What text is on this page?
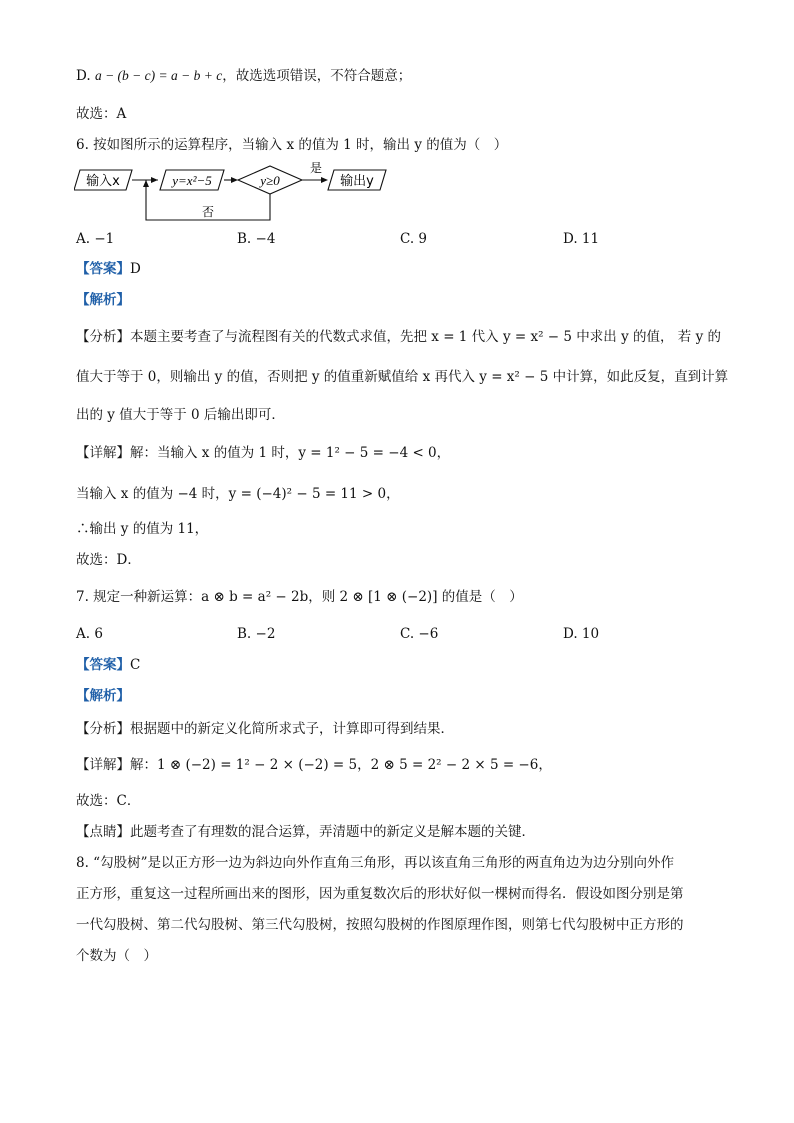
D. a − (b − c) = a − b + c，故选选项错误，不符合题意；
故选：A
6. 按如图所示的运算程序，当输入 x 的值为 1 时，输出 y 的值为（　）
输入x	y=x²−5	y≥0
是
输出y
否
A. −1	B. −4	C. 9	D. 11
【答案】D
【解析】
【分析】本题主要考查了与流程图有关的代数式求值，先把 x = 1 代入 y = x² − 5 中求出 y 的值， 若 y 的
值大于等于 0，则输出 y 的值，否则把 y 的值重新赋值给 x 再代入 y = x² − 5 中计算，如此反复，直到计算
出的 y 值大于等于 0 后输出即可．
【详解】解：当输入 x 的值为 1 时，y = 1² − 5 = −4 < 0，
当输入 x 的值为 −4 时，y = (−4)² − 5 = 11 > 0，
∴输出 y 的值为 11，
故选：D．
7. 规定一种新运算：a ⊗ b = a² − 2b，则 2 ⊗ [1 ⊗ (−2)] 的值是（　）
A. 6	B. −2	C. −6	D. 10
【答案】C
【解析】
【分析】根据题中的新定义化简所求式子，计算即可得到结果．
【详解】解：1 ⊗ (−2) = 1² − 2 × (−2) = 5，2 ⊗ 5 = 2² − 2 × 5 = −6，
故选：C．
【点睛】此题考查了有理数的混合运算，弄清题中的新定义是解本题的关键．
8. “勾股树”是以正方形一边为斜边向外作直角三角形，再以该直角三角形的两直角边为边分别向外作
正方形，重复这一过程所画出来的图形，因为重复数次后的形状好似一棵树而得名．假设如图分别是第
一代勾股树、第二代勾股树、第三代勾股树，按照勾股树的作图原理作图，则第七代勾股树中正方形的
个数为（　）
